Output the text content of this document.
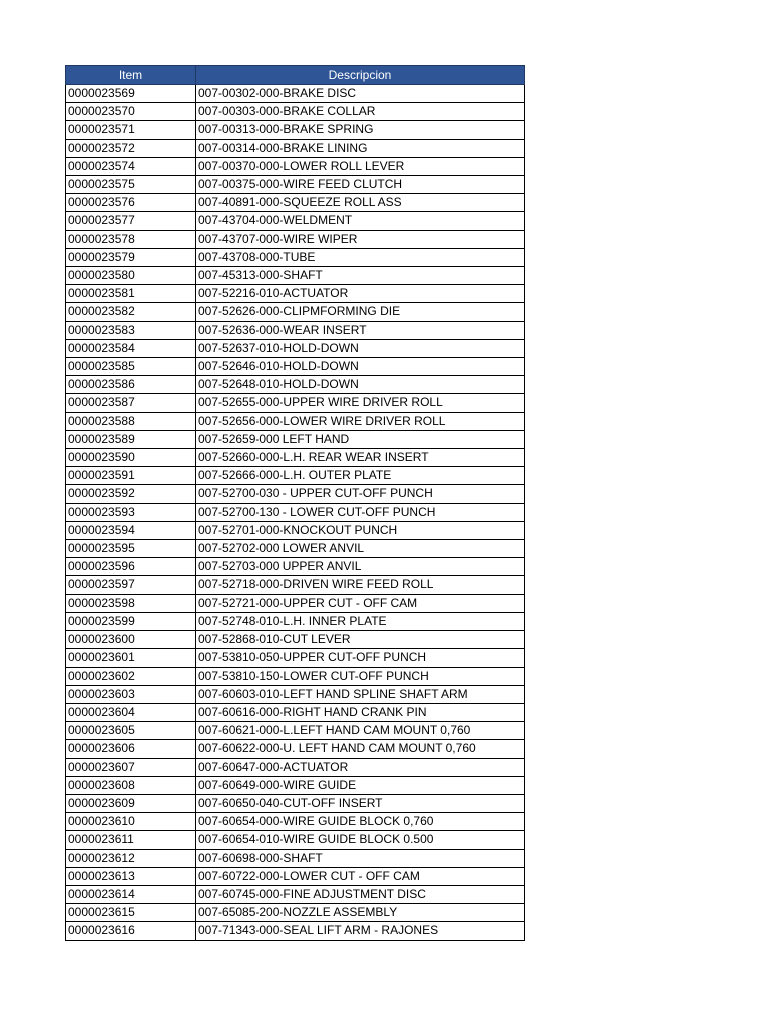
Item	Descripcion
0000023569	007-00302-000-BRAKE DISC
0000023570	007-00303-000-BRAKE COLLAR
0000023571	007-00313-000-BRAKE SPRING
0000023572	007-00314-000-BRAKE LINING
0000023574	007-00370-000-LOWER ROLL LEVER
0000023575	007-00375-000-WIRE FEED CLUTCH
0000023576	007-40891-000-SQUEEZE ROLL ASS
0000023577	007-43704-000-WELDMENT
0000023578	007-43707-000-WIRE WIPER
0000023579	007-43708-000-TUBE
0000023580	007-45313-000-SHAFT
0000023581	007-52216-010-ACTUATOR
0000023582	007-52626-000-CLIPMFORMING DIE
0000023583	007-52636-000-WEAR INSERT
0000023584	007-52637-010-HOLD-DOWN
0000023585	007-52646-010-HOLD-DOWN
0000023586	007-52648-010-HOLD-DOWN
0000023587	007-52655-000-UPPER WIRE DRIVER ROLL
0000023588	007-52656-000-LOWER WIRE DRIVER ROLL
0000023589	007-52659-000 LEFT HAND
0000023590	007-52660-000-L.H. REAR WEAR INSERT
0000023591	007-52666-000-L.H. OUTER PLATE
0000023592	007-52700-030 - UPPER CUT-OFF PUNCH
0000023593	007-52700-130 - LOWER CUT-OFF PUNCH
0000023594	007-52701-000-KNOCKOUT PUNCH
0000023595	007-52702-000 LOWER ANVIL
0000023596	007-52703-000 UPPER ANVIL
0000023597	007-52718-000-DRIVEN WIRE FEED ROLL
0000023598	007-52721-000-UPPER CUT - OFF CAM
0000023599	007-52748-010-L.H. INNER PLATE
0000023600	007-52868-010-CUT LEVER
0000023601	007-53810-050-UPPER CUT-OFF PUNCH
0000023602	007-53810-150-LOWER CUT-OFF PUNCH
0000023603	007-60603-010-LEFT HAND SPLINE SHAFT ARM
0000023604	007-60616-000-RIGHT HAND CRANK PIN
0000023605	007-60621-000-L.LEFT HAND CAM MOUNT 0,760
0000023606	007-60622-000-U. LEFT HAND CAM MOUNT 0,760
0000023607	007-60647-000-ACTUATOR
0000023608	007-60649-000-WIRE GUIDE
0000023609	007-60650-040-CUT-OFF INSERT
0000023610	007-60654-000-WIRE GUIDE BLOCK 0,760
0000023611	007-60654-010-WIRE GUIDE BLOCK 0.500
0000023612	007-60698-000-SHAFT
0000023613	007-60722-000-LOWER CUT - OFF CAM
0000023614	007-60745-000-FINE ADJUSTMENT DISC
0000023615	007-65085-200-NOZZLE ASSEMBLY
0000023616	007-71343-000-SEAL LIFT ARM - RAJONES
